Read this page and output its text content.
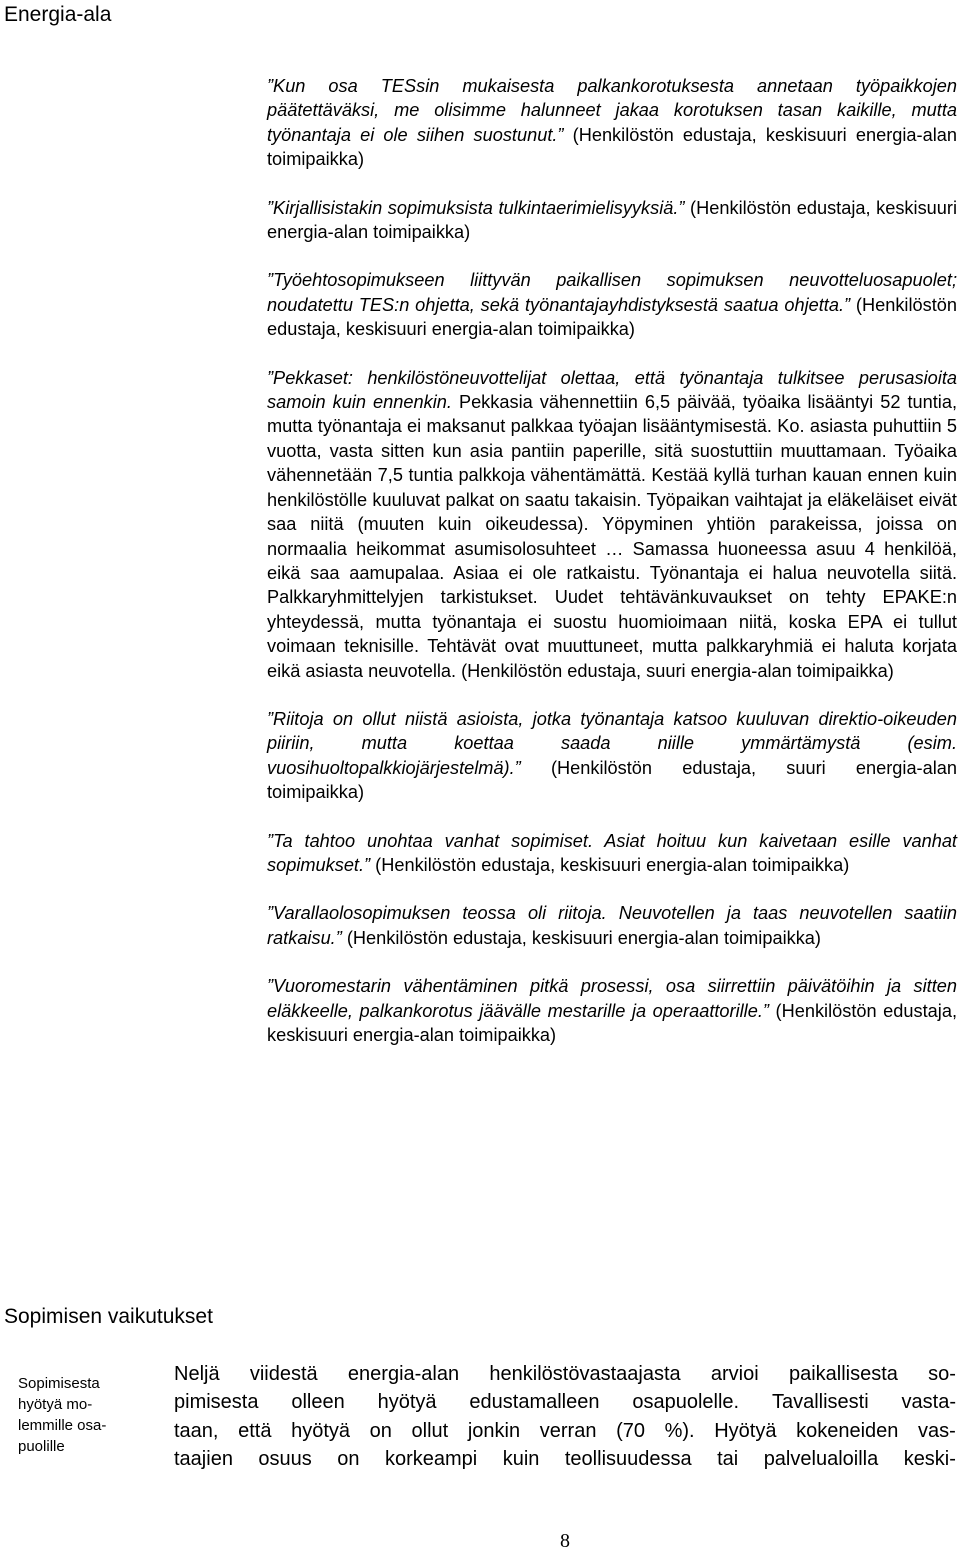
Energia-ala

”Kun osa TESsin mukaisesta palkankorotuksesta annetaan työpaikkojen päätettäväksi, me olisimme halunneet jakaa korotuksen tasan kaikille, mutta työnantaja ei ole siihen suostunut.” (Henkilöstön edustaja, keskisuuri energia-alan toimipaikka)

”Kirjallisistakin sopimuksista tulkintaerimielisyyksiä.” (Henkilöstön edustaja, keskisuuri energia-alan toimipaikka)

”Työehtosopimukseen liittyvän paikallisen sopimuksen neuvotteluosapuolet; noudatettu TES:n ohjetta, sekä työnantajayhdistyksestä saatua ohjetta.” (Henkilöstön edustaja, keskisuuri energia-alan toimipaikka)

”Pekkaset: henkilöstöneuvottelijat olettaa, että työnantaja tulkitsee perusasioita samoin kuin ennenkin. Pekkasia vähennettiin 6,5 päivää, työaika lisääntyi 52 tuntia, mutta työnantaja ei maksanut palkkaa työajan lisääntymisestä. Ko. asiasta puhuttiin 5 vuotta, vasta sitten kun asia pantiin paperille, sitä suostuttiin muuttamaan. Työaika vähennetään 7,5 tuntia palkkoja vähentämättä. Kestää kyllä turhan kauan ennen kuin henkilöstölle kuuluvat palkat on saatu takaisin. Työpaikan vaihtajat ja eläkeläiset eivät saa niitä (muuten kuin oikeudessa). Yöpyminen yhtiön parakeissa, joissa on normaalia heikommat asumisolosuhteet … Samassa huoneessa asuu 4 henkilöä, eikä saa aamupalaa. Asiaa ei ole ratkaistu. Työnantaja ei halua neuvotella siitä. Palkkaryhmittelyjen tarkistukset. Uudet tehtävänkuvaukset on tehty EPAKE:n yhteydessä, mutta työnantaja ei suostu huomioimaan niitä, koska EPA ei tullut voimaan teknisille. Tehtävät ovat muuttuneet, mutta palkkaryhmiä ei haluta korjata eikä asiasta neuvotella. (Henkilöstön edustaja, suuri energia-alan toimipaikka)

”Riitoja on ollut niistä asioista, jotka työnantaja katsoo kuuluvan direktio-oikeuden piiriin, mutta koettaa saada niille ymmärtämystä (esim. vuosihuoltopalkkiojärjestelmä).” (Henkilöstön edustaja, suuri energia-alan toimipaikka)

”Ta tahtoo unohtaa vanhat sopimiset. Asiat hoituu kun kaivetaan esille vanhat sopimukset.” (Henkilöstön edustaja, keskisuuri energia-alan toimipaikka)

”Varallaolosopimuksen teossa oli riitoja. Neuvotellen ja taas neuvotellen saatiin ratkaisu.” (Henkilöstön edustaja, keskisuuri energia-alan toimipaikka)

”Vuoromestarin vähentäminen pitkä prosessi, osa siirrettiin päivätöihin ja sitten eläkkeelle, palkankorotus jäävälle mestarille ja operaattorille.” (Henkilöstön edustaja, keskisuuri energia-alan toimipaikka)

Sopimisen vaikutukset
Sopimisesta
hyötyä mo-
lemmille osa-
puolille
Neljä viidestä energia-alan henkilöstövastaajasta arvioi paikallisesta so-
pimisesta olleen hyötyä edustamalleen osapuolelle. Tavallisesti vasta-
taan, että hyötyä on ollut jonkin verran (70 %). Hyötyä kokeneiden vas-
taajien osuus on korkeampi kuin teollisuudessa tai palvelualoilla keski-
8
